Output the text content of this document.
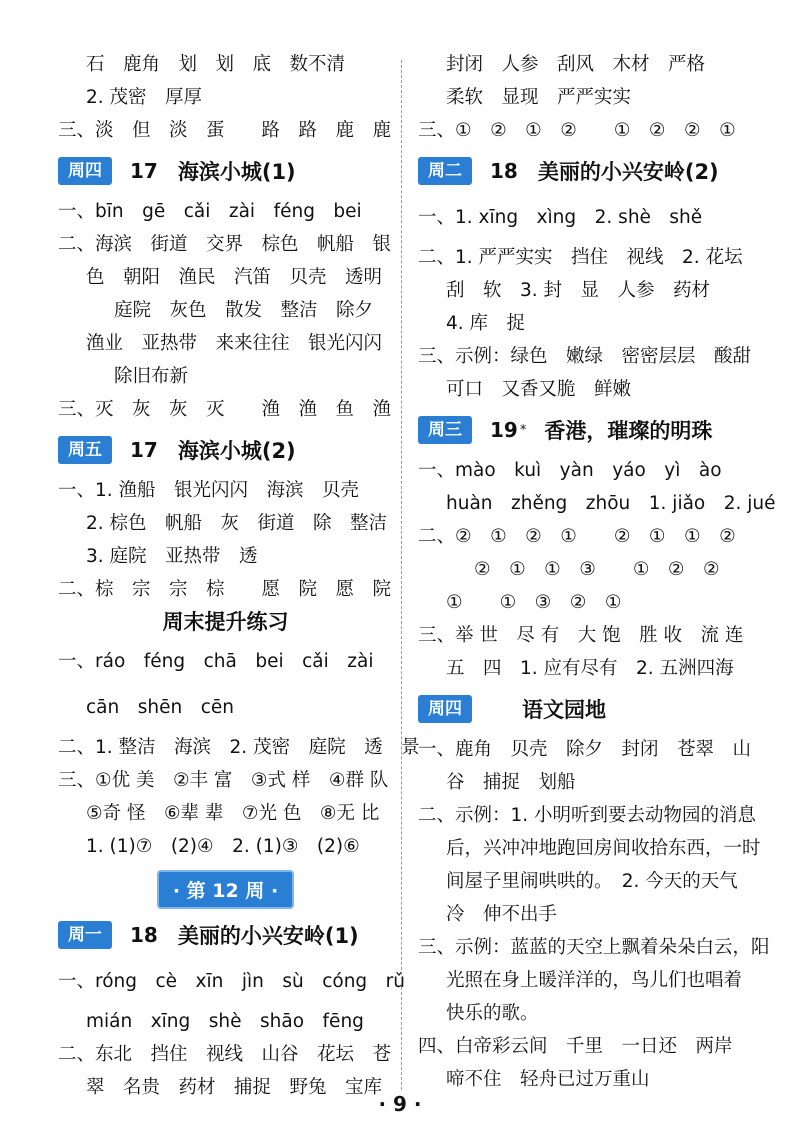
石　鹿角　划　划　底　数不清
2. 茂密　厚厚
三、淡　但　淡　蛋　　路　路　鹿　鹿
周四	17 海滨小城(1)
一、bīn　gē　cǎi　zài　féng　bei
二、海滨　街道　交界　棕色　帆船　银
色　朝阳　渔民　汽笛　贝壳　透明
庭院　灰色　散发　整洁　除夕
渔业　亚热带　来来往往　银光闪闪
除旧布新
三、灭　灰　灰　灭　　渔　渔　鱼　渔
周五	17 海滨小城(2)
一、1. 渔船　银光闪闪　海滨　贝壳
2. 棕色　帆船　灰　街道　除　整洁
3. 庭院　亚热带　透
二、棕　宗　宗　棕　　愿　院　愿　院
周末提升练习
一、ráo　féng　chā　bei　cǎi　zài
cān　shēn　cēn
二、1. 整洁　海滨　2. 茂密　庭院　透　景
三、①优 美　②丰 富　③式 样　④群 队
⑤奇 怪　⑥辈 辈　⑦光 色　⑧无 比
1. (1)⑦　(2)④　2. (1)③　(2)⑥
· 第 12 周 ·
周一	18 美丽的小兴安岭(1)
一、róng　cè　xīn　jìn　sù　cóng　rǔ
mián　xīng　shè　shāo　fēng
二、东北　挡住　视线　山谷　花坛　苍
翠　名贵　药材　捕捉　野兔　宝库
封闭　人参　刮风　木材　严格
柔软　显现　严严实实
三、①　②　①　②　　①　②　②　①
周二	18 美丽的小兴安岭(2)
一、1. xīng　xìng　2. shè　shě
二、1. 严严实实　挡住　视线　2. 花坛
刮　软　3. 封　显　人参　药材
4. 库　捉
三、示例：绿色　嫩绿　密密层层　酸甜
可口　又香又脆　鲜嫩
周三	19 * 香港，璀璨的明珠
一、mào　kuì　yàn　yáo　yì　ào
huàn　zhěng　zhōu　1. jiǎo　2. jué
二、②　①　②　①　　②　①　①　②
②　①　①　③　　①　②　②
①　　①　③　②　①
三、举 世　尽 有　大 饱　胜 收　流 连
五　四　1. 应有尽有　2. 五洲四海
周四	语文园地
一、鹿角　贝壳　除夕　封闭　苍翠　山
谷　捕捉　划船
二、示例：1. 小明听到要去动物园的消息
后，兴冲冲地跑回房间收拾东西，一时
间屋子里闹哄哄的。　2. 今天的天气
冷　伸不出手
三、示例：蓝蓝的天空上飘着朵朵白云，阳
光照在身上暖洋洋的，鸟儿们也唱着
快乐的歌。
四、白帝彩云间　千里　一日还　两岸
啼不住　轻舟已过万重山
· 9 ·
